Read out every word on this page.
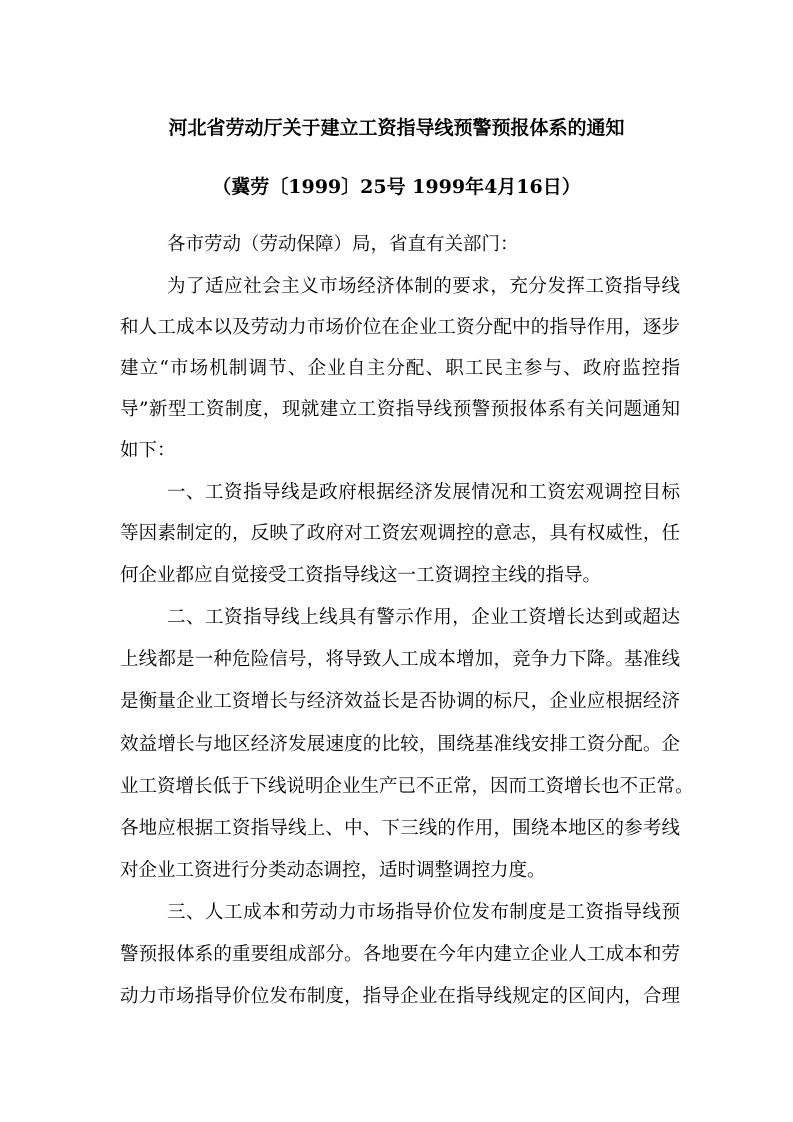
河北省劳动厅关于建立工资指导线预警预报体系的通知
（冀劳〔1999〕25号 1999年4月16日）
各市劳动（劳动保障）局，省直有关部门：
为了适应社会主义市场经济体制的要求，充分发挥工资指导线
和人工成本以及劳动力市场价位在企业工资分配中的指导作用，逐步
建立“市场机制调节、企业自主分配、职工民主参与、政府监控指
导”新型工资制度，现就建立工资指导线预警预报体系有关问题通知
如下：
一、工资指导线是政府根据经济发展情况和工资宏观调控目标
等因素制定的，反映了政府对工资宏观调控的意志，具有权威性，任
何企业都应自觉接受工资指导线这一工资调控主线的指导。
二、工资指导线上线具有警示作用，企业工资增长达到或超达
上线都是一种危险信号，将导致人工成本增加，竞争力下降。基准线
是衡量企业工资增长与经济效益长是否协调的标尺，企业应根据经济
效益增长与地区经济发展速度的比较，围绕基准线安排工资分配。企
业工资增长低于下线说明企业生产已不正常，因而工资增长也不正常。
各地应根据工资指导线上、中、下三线的作用，围绕本地区的参考线
对企业工资进行分类动态调控，适时调整调控力度。
三、人工成本和劳动力市场指导价位发布制度是工资指导线预
警预报体系的重要组成部分。各地要在今年内建立企业人工成本和劳
动力市场指导价位发布制度，指导企业在指导线规定的区间内，合理
